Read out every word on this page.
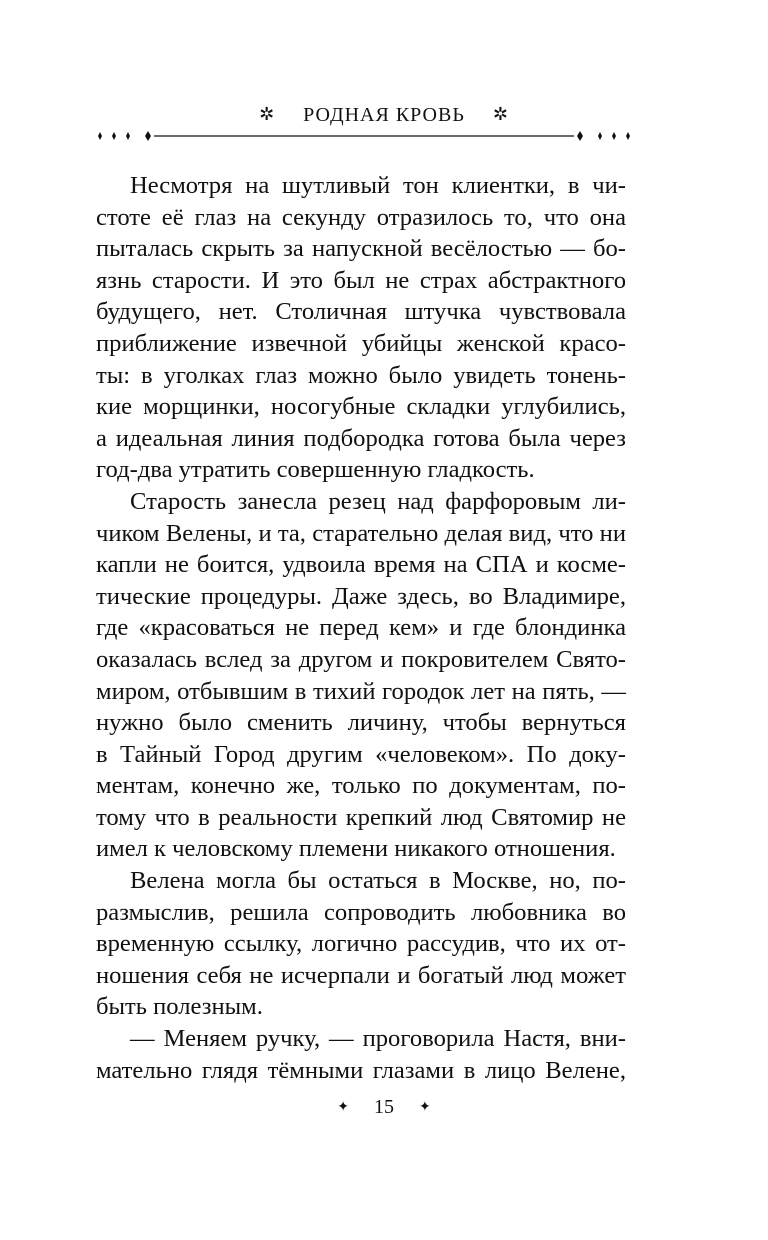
✲ РОДНАЯ КРОВЬ ✲
Несмотря на шутливый тон клиентки, в чи-
стоте её глаз на секунду отразилось то, что она
пыталась скрыть за напускной весёлостью — бо-
язнь старости. И это был не страх абстрактного
будущего, нет. Столичная штучка чувствовала
приближение извечной убийцы женской красо-
ты: в уголках глаз можно было увидеть тонень-
кие морщинки, носогубные складки углубились,
а идеальная линия подбородка готова была через
год-два утратить совершенную гладкость.
Старость занесла резец над фарфоровым ли-
чиком Велены, и та, старательно делая вид, что ни
капли не боится, удвоила время на СПА и космe-
тические процедуры. Даже здесь, во Владимире,
где «красоваться не перед кем» и где блондинка
оказалась вслед за другом и покровителем Свято-
миром, отбывшим в тихий городок лет на пять, —
нужно было сменить личину, чтобы вернуться
в Тайный Город другим «человеком». По доку-
ментам, конечно же, только по документам, по-
тому что в реальности крепкий люд Святомир не
имел к человскому племени никакого отношения.
Велена могла бы остаться в Москве, но, по-
размыслив, решила сопроводить любовника во
временную ссылку, логично рассудив, что их от-
ношения себя не исчерпали и богатый люд может
быть полезным.
— Меняем ручку, — проговорила Настя, вни-
мательно глядя тёмными глазами в лицо Велене,
✦ 15 ✦
